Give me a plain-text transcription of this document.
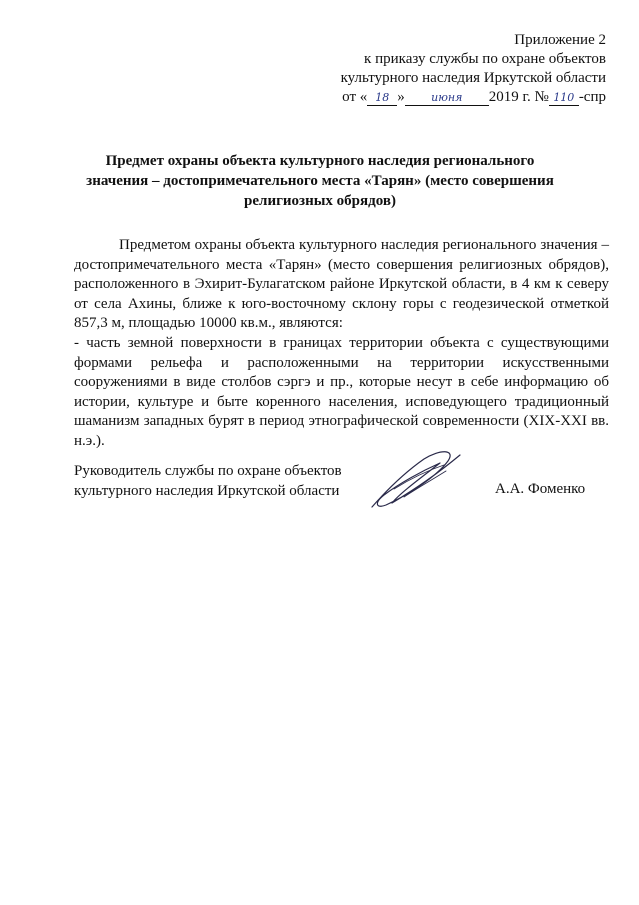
Приложение 2
к приказу службы по охране объектов
культурного наследия Иркутской области
от « 18 » июня 2019 г. № 110 -спр
Предмет охраны объекта культурного наследия регионального значения – достопримечательного места «Тарян» (место совершения религиозных обрядов)

Предметом охраны объекта культурного наследия регионального значения – достопримечательного места «Тарян» (место совершения религиозных обрядов), расположенного в Эхирит-Булагатском районе Иркутской области, в 4 км к северу от села Ахины, ближе к юго-восточному склону горы с геодезической отметкой 857,3 м, площадью 10000 кв.м., являются:

- часть земной поверхности в границах территории объекта с существующими формами рельефа и расположенными на территории искусственными сооружениями в виде столбов сэргэ и пр., которые несут в себе информацию об истории, культуре и быте коренного населения, исповедующего традиционный шаманизм западных бурят в период этнографической современности (XIX-XXI вв. н.э.).

Руководитель службы по охране объектов
культурного наследия Иркутской области	А.А. Фоменко
